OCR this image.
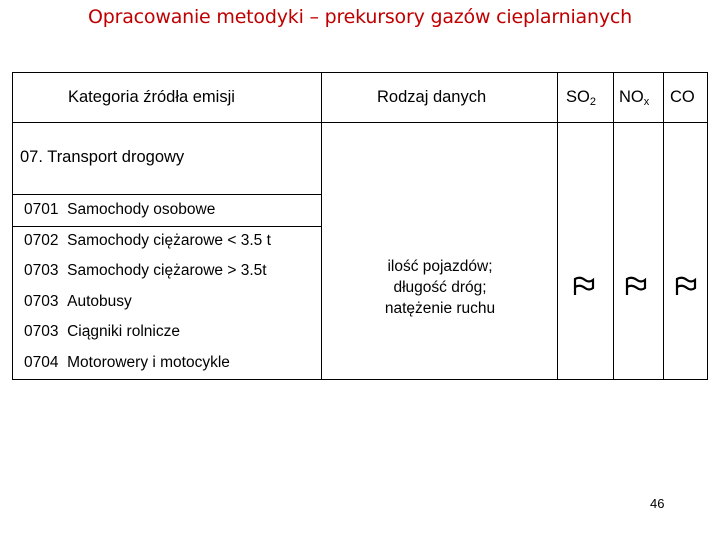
Opracowanie metodyki – prekursory gazów cieplarnianych
Kategoria źródła emisji	Rodzaj danych	$SO_2$ $NO_x$ CO
07. Transport drogowy
0701 Samochody osobowe
0702 Samochody ciężarowe < 3.5 t
0703 Samochody ciężarowe > 3.5t
0703 Autobusy
0703 Ciągniki rolnicze
0704 Motorowery i motocykle
ilość pojazdów;
długość dróg;
natężenie ruchu
46
